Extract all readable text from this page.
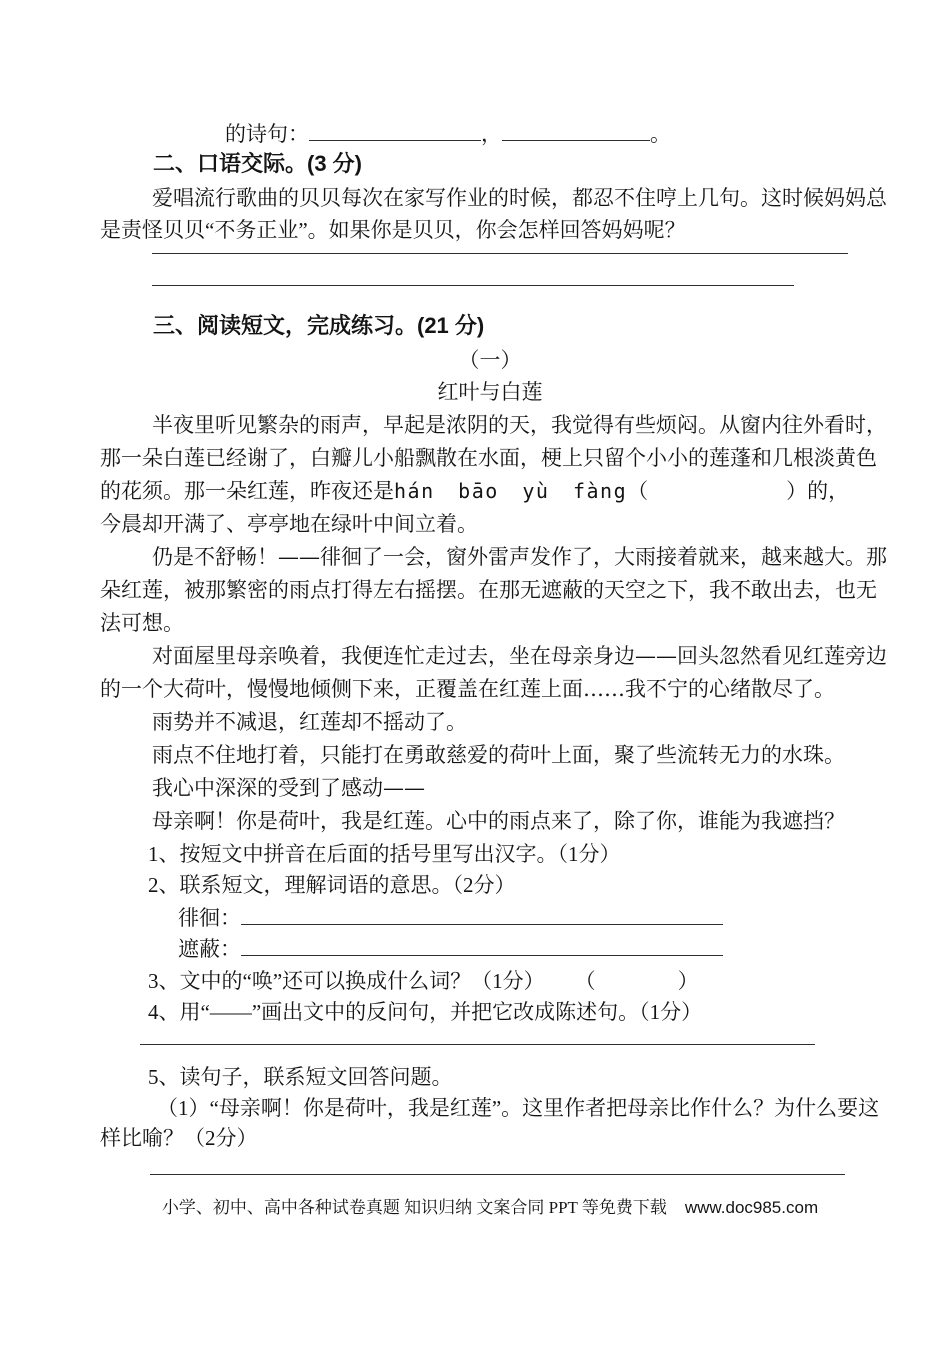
的诗句：	，	。
二、口语交际。(3 分)
爱唱流行歌曲的贝贝每次在家写作业的时候，都忍不住哼上几句。这时候妈妈总
是责怪贝贝“不务正业”。如果你是贝贝，你会怎样回答妈妈呢？
三、阅读短文，完成练习。(21 分)
（一）
红叶与白莲
半夜里听见繁杂的雨声，早起是浓阴的天，我觉得有些烦闷。从窗内往外看时，
那一朵白莲已经谢了，白瓣儿小船飘散在水面，梗上只留个小小的莲蓬和几根淡黄色
的花须。那一朵红莲，昨夜还是hán bāo yù fàng（	）的，
今晨却开满了、亭亭地在绿叶中间立着。
仍是不舒畅！——徘徊了一会，窗外雷声发作了，大雨接着就来，越来越大。那
朵红莲，被那繁密的雨点打得左右摇摆。在那无遮蔽的天空之下，我不敢出去，也无
法可想。
对面屋里母亲唤着，我便连忙走过去，坐在母亲身边——回头忽然看见红莲旁边
的一个大荷叶，慢慢地倾侧下来，正覆盖在红莲上面……我不宁的心绪散尽了。
雨势并不减退，红莲却不摇动了。
雨点不住地打着，只能打在勇敢慈爱的荷叶上面，聚了些流转无力的水珠。
我心中深深的受到了感动——
母亲啊！你是荷叶，我是红莲。心中的雨点来了，除了你，谁能为我遮挡？
1、按短文中拼音在后面的括号里写出汉字。（1分）
2、联系短文，理解词语的意思。（2分）
徘徊：
遮蔽：
3、文中的“唤”还可以换成什么词？（1分） （	）
4、用“——”画出文中的反问句，并把它改成陈述句。（1分）
5、读句子，联系短文回答问题。
（1）“母亲啊！你是荷叶，我是红莲”。这里作者把母亲比作什么？为什么要这
样比喻？（2分）
小学、初中、高中各种试卷真题 知识归纳 文案合同 PPT 等免费下载 www.doc985.com
